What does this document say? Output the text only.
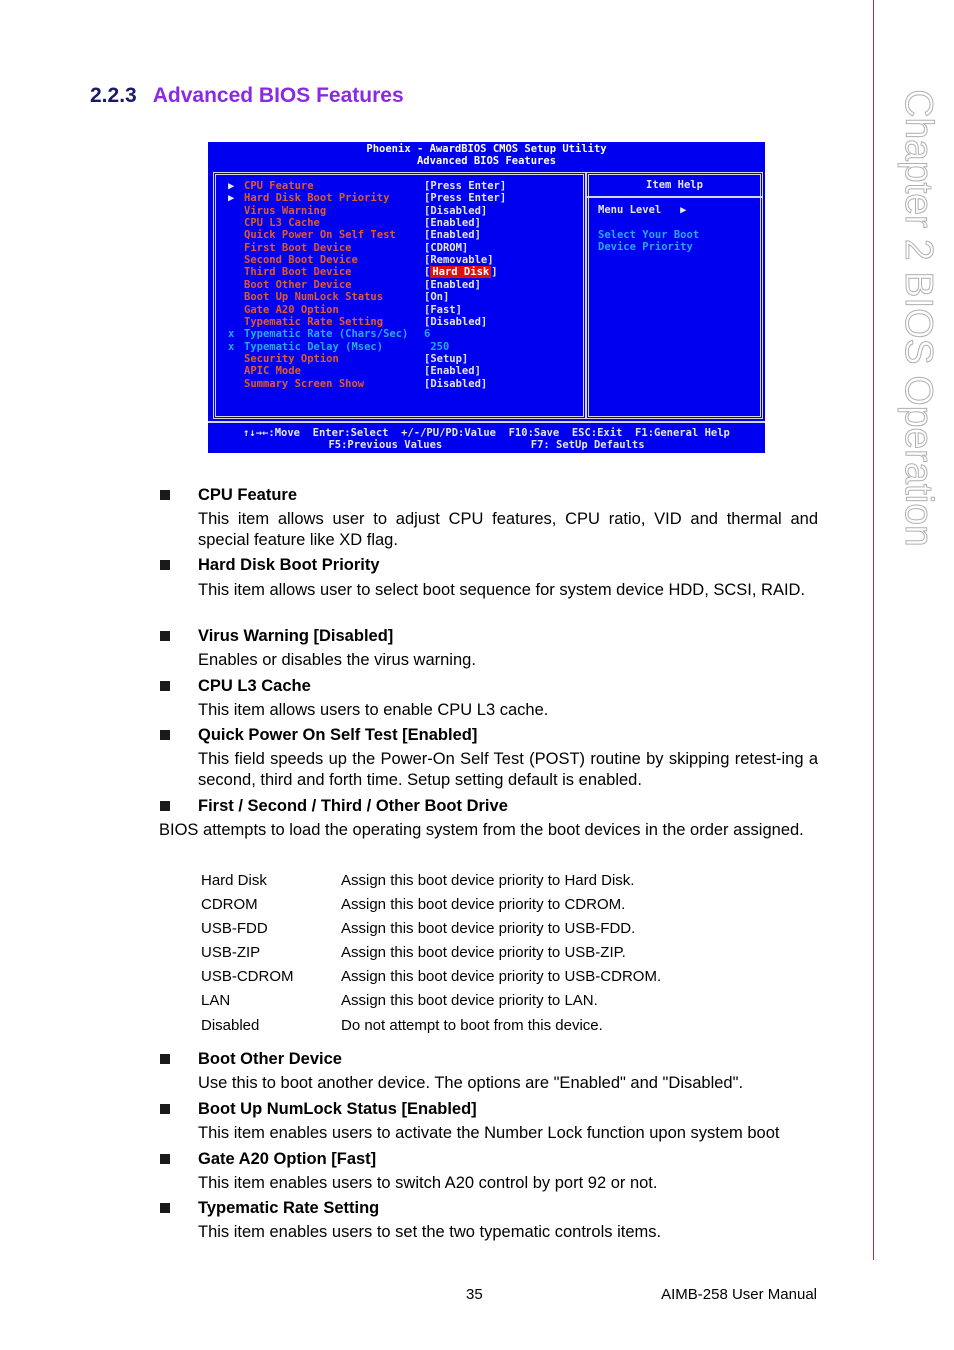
Chapter 2 BIOS Operation
2.2.3 Advanced BIOS Features
Phoenix - AwardBIOS CMOS Setup Utility
Advanced BIOS Features
▶ CPU Feature	[Press Enter]
▶ Hard Disk Boot Priority	[Press Enter]
Virus Warning	[Disabled]
CPU L3 Cache	[Enabled]
Quick Power On Self Test	[Enabled]
First Boot Device	[CDROM]
Second Boot Device	[Removable]
Third Boot Device	[ Hard Disk ]
Boot Other Device	[Enabled]
Boot Up NumLock Status	[On]
Gate A20 Option	[Fast]
Typematic Rate Setting	[Disabled]
x Typematic Rate (Chars/Sec) 6
x Typematic Delay (Msec)	250
Security Option	[Setup]
APIC Mode	[Enabled]
Summary Screen Show	[Disabled]
Item Help
Menu Level   ▶
Select Your Boot
Device Priority
↑↓→←:Move  Enter:Select  +/-/PU/PD:Value  F10:Save  ESC:Exit  F1:General Help
F5:Previous Values              F7: SetUp Defaults
CPU Feature
This item allows user to adjust CPU features, CPU ratio, VID and thermal and special feature like XD flag.
Hard Disk Boot Priority
This item allows user to select boot sequence for system device HDD, SCSI, RAID.
Virus Warning [Disabled]
Enables or disables the virus warning.
CPU L3 Cache
This item allows users to enable CPU L3 cache.
Quick Power On Self Test [Enabled]
This field speeds up the Power-On Self Test (POST) routine by skipping retest-ing a second, third and forth time. Setup setting default is enabled.
First / Second / Third / Other Boot Drive
BIOS attempts to load the operating system from the boot devices in the order assigned.
Hard Disk	Assign this boot device priority to Hard Disk.
CDROM	Assign this boot device priority to CDROM.
USB-FDD	Assign this boot device priority to USB-FDD.
USB-ZIP	Assign this boot device priority to USB-ZIP.
USB-CDROM	Assign this boot device priority to USB-CDROM.
LAN	Assign this boot device priority to LAN.
Disabled	Do not attempt to boot from this device.
Boot Other Device
Use this to boot another device. The options are "Enabled" and "Disabled".
Boot Up NumLock Status [Enabled]
This item enables users to activate the Number Lock function upon system boot
Gate A20 Option [Fast]
This item enables users to switch A20 control by port 92 or not.
Typematic Rate Setting
This item enables users to set the two typematic controls items.
35	AIMB-258 User Manual
